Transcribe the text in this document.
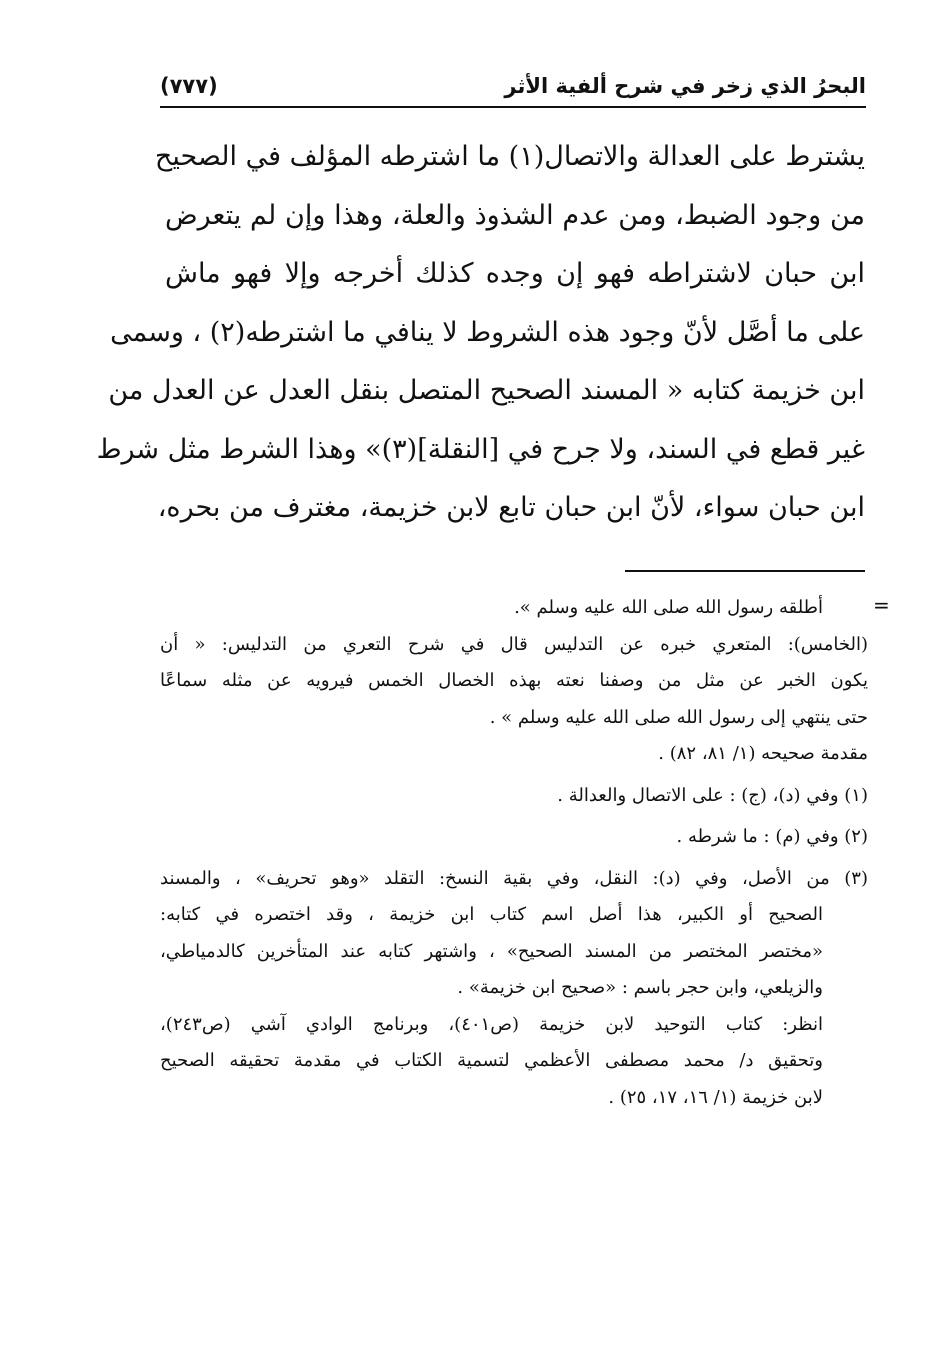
البحرُ الذي زخر في شرح ألفية الأثر
(٧٧٧)
يشترط على العدالة والاتصال(١) ما اشترطه المؤلف في الصحيح
من وجود الضبط، ومن عدم الشذوذ والعلة، وهذا وإن لم يتعرض
ابن حبان لاشتراطه فهو إن وجده كذلك أخرجه وإلا فهو ماش
على ما أصَّل لأنّ وجود هذه الشروط لا ينافي ما اشترطه(٢) ، وسمى
ابن خزيمة كتابه « المسند الصحيح المتصل بنقل العدل عن العدل من
غير قطع في السند، ولا جرح في [النقلة](٣)» وهذا الشرط مثل شرط
ابن حبان سواء، لأنّ ابن حبان تابع لابن خزيمة، مغترف من بحره،
=
أطلقه رسول الله صلى الله عليه وسلم ».
(الخامس): المتعري خبره عن التدليس قال في شرح التعري من التدليس: « أن
يكون الخبر عن مثل من وصفنا نعته بهذه الخصال الخمس فيرويه عن مثله سماعًا
حتى ينتهي إلى رسول الله صلى الله عليه وسلم » .
مقدمة صحيحه (١/ ٨١، ٨٢) .
(١) وفي (د)، (ج) : على الاتصال والعدالة .
(٢) وفي (م) : ما شرطه .
(٣) من الأصل، وفي (د): النقل، وفي بقية النسخ: التقلد «وهو تحريف» ، والمسند
الصحيح أو الكبير، هذا أصل اسم كتاب ابن خزيمة ، وقد اختصره في كتابه:
«مختصر المختصر من المسند الصحيح» ، واشتهر كتابه عند المتأخرين كالدمياطي،
والزيلعي، وابن حجر باسم : «صحيح ابن خزيمة» .
انظر: كتاب التوحيد لابن خزيمة (ص٤٠١)، وبرنامج الوادي آشي (ص٢٤٣)،
وتحقيق د/ محمد مصطفى الأعظمي لتسمية الكتاب في مقدمة تحقيقه الصحيح
لابن خزيمة (١/ ١٦، ١٧، ٢٥) .
